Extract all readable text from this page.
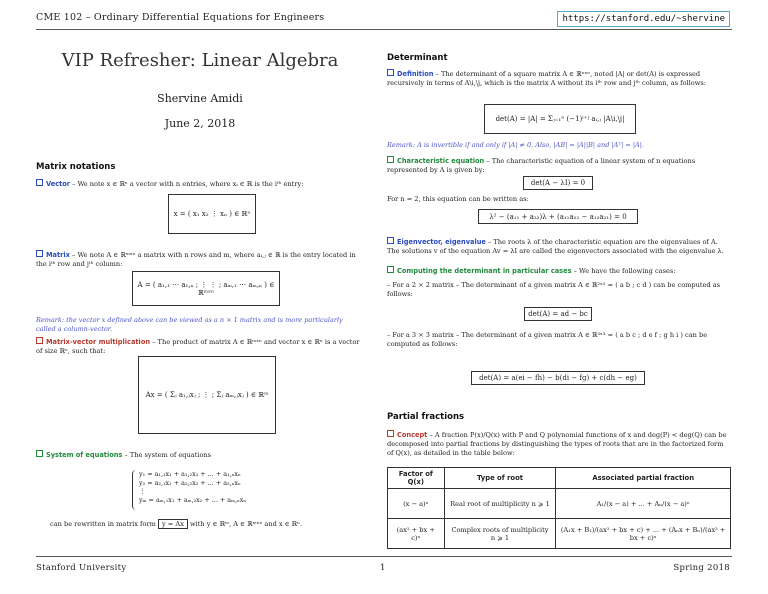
CME 102 – Ordinary Differential Equations for Engineers	https://stanford.edu/~shervine
VIP Refresher: Linear Algebra
Shervine Amidi
June 2, 2018
Matrix notations
Vector – We note x ∈ ℝⁿ a vector with n entries, where xᵢ ∈ ℝ is the iᵗʰ entry:
x = ( x₁ x₂ ⋮ xₙ ) ∈ ℝⁿ
Matrix – We note A ∈ ℝᵐˣⁿ a matrix with n rows and m, where aᵢ,ⱼ ∈ ℝ is the entry located in the iᵗʰ row and jᵗʰ column:
A = ( a₁,₁ ⋯ a₁,ₙ ; ⋮ ⋮ ; aₘ,₁ ⋯ aₘ,ₙ ) ∈ ℝᵐˣⁿ
Remark: the vector x defined above can be viewed as a n × 1 matrix and is more particularly called a column-vector.
Matrix-vector multiplication – The product of matrix A ∈ ℝᵐˣⁿ and vector x ∈ ℝⁿ is a vector of size ℝⁿ, such that:
Ax = ( Σⱼ a₁,ⱼxⱼ ; ⋮ ; Σⱼ aₘ,ⱼxⱼ ) ∈ ℝᵐ
System of equations – The system of equations
y₁ = a₁,₁x₁ + a₁,₂x₂ + ... + a₁,ₙxₙ
y₂ = a₂,₁x₁ + a₂,₂x₂ + ... + a₂,ₙxₙ
⋮
yₘ = aₘ,₁x₁ + aₘ,₂x₂ + ... + aₘ,ₙxₙ
can be rewritten in matrix form y = Ax with y ∈ ℝᵐ, A ∈ ℝᵐˣⁿ and x ∈ ℝⁿ.
Determinant
Definition – The determinant of a square matrix A ∈ ℝⁿˣⁿ, noted |A| or det(A) is expressed recursively in terms of A\i,\j, which is the matrix A without its iᵗʰ row and jᵗʰ column, as follows:
det(A) = |A| = Σⱼ₌₁ⁿ (−1)ⁱ⁺ʲ aᵢ,ⱼ |A\i,\j|
Remark: A is invertible if and only if |A| ≠ 0. Also, |AB| = |A||B| and |Aᵀ| = |A|.
Characteristic equation – The characteristic equation of a linear system of n equations represented by A is given by:
det(A − λI) = 0
For n = 2, this equation can be written as:
λ² − (a₁₁ + a₂₂)λ + (a₁₁a₂₂ − a₁₂a₂₁) = 0
Eigenvector, eigenvalue – The roots λ of the characteristic equation are the eigenvalues of A. The solutions v of the equation Av = λI are called the eigenvectors associated with the eigenvalue λ.
Computing the determinant in particular cases – We have the following cases:
– For a 2 × 2 matrix – The determinant of a given matrix A ∈ ℝ²ˣ² = ( a b ; c d ) can be computed as follows:
det(A) = ad − bc
– For a 3 × 3 matrix – The determinant of a given matrix A ∈ ℝ³ˣ³ = ( a b c ; d e f ; g h i ) can be computed as follows:
det(A) = a(ei − fh) − b(di − fg) + c(dh − eg)
Partial fractions
Concept – A fraction P(x)/Q(x) with P and Q polynomial functions of x and deg(P) < deg(Q) can be decomposed into partial fractions by distinguishing the types of roots that are in the factorized form of Q(x), as detailed in the table below:
Factor of Q(x)	Type of root	Associated partial fraction
(x − a)ⁿ	Real root of multiplicity n ⩾ 1	A₁/(x − a) + ... + Aₙ/(x − a)ⁿ
(ax² + bx + c)ⁿ	Complex roots of multiplicity n ⩾ 1	(A₁x + B₁)/(ax² + bx + c) + ... + (Aₙx + Bₙ)/(ax² + bx + c)ⁿ
Stanford University	1	Spring 2018
